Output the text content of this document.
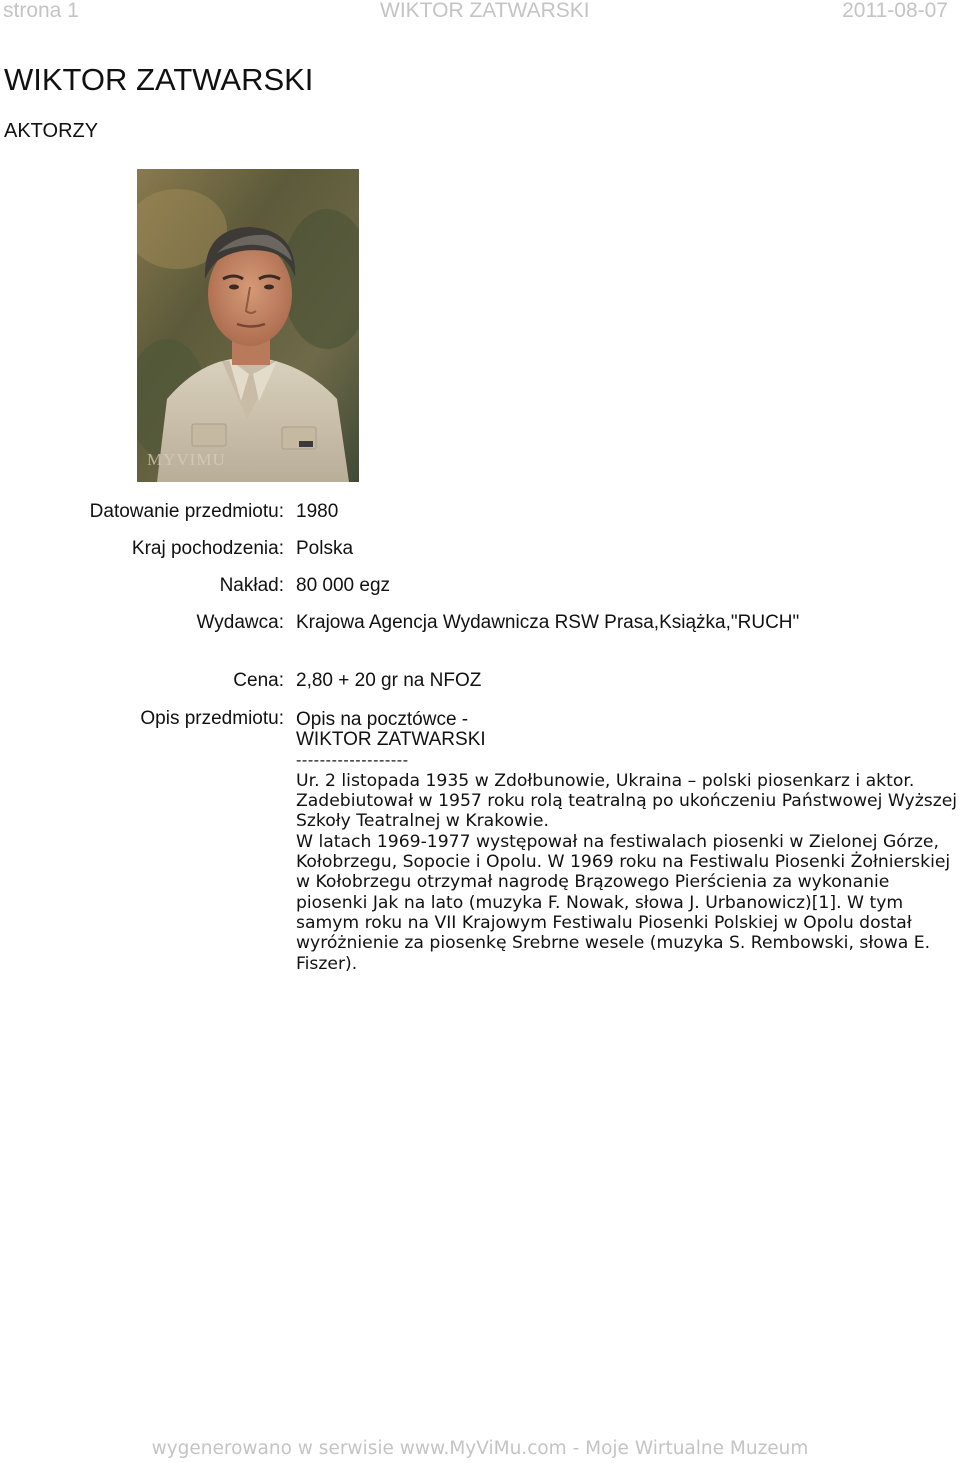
strona 1	WIKTOR ZATWARSKI	2011-08-07
WIKTOR ZATWARSKI
AKTORZY
MYVIMU
Datowanie przedmiotu: 1980
Kraj pochodzenia: Polska
Nakład: 80 000 egz
Wydawca: Krajowa Agencja Wydawnicza RSW Prasa,Książka,"RUCH"
Cena: 2,80 + 20 gr na NFOZ
Opis przedmiotu: Opis na pocztówce -
WIKTOR ZATWARSKI
-------------------

Ur. 2 listopada 1935 w Zdołbunowie, Ukraina – polski piosenkarz i aktor.

Zadebiutował w 1957 roku rolą teatralną po ukończeniu Państwowej Wyższej Szkoły Teatralnej w Krakowie.

W latach 1969-1977 występował na festiwalach piosenki w Zielonej Górze, Kołobrzegu, Sopocie i Opolu. W 1969 roku na Festiwalu Piosenki Żołnierskiej w Kołobrzegu otrzymał nagrodę Brązowego Pierścienia za wykonanie piosenki Jak na lato (muzyka F. Nowak, słowa J. Urbanowicz)[1]. W tym samym roku na VII Krajowym Festiwalu Piosenki Polskiej w Opolu dostał wyróżnienie za piosenkę Srebrne wesele (muzyka S. Rembowski, słowa E. Fiszer).

wygenerowano w serwisie www.MyViMu.com - Moje Wirtualne Muzeum
